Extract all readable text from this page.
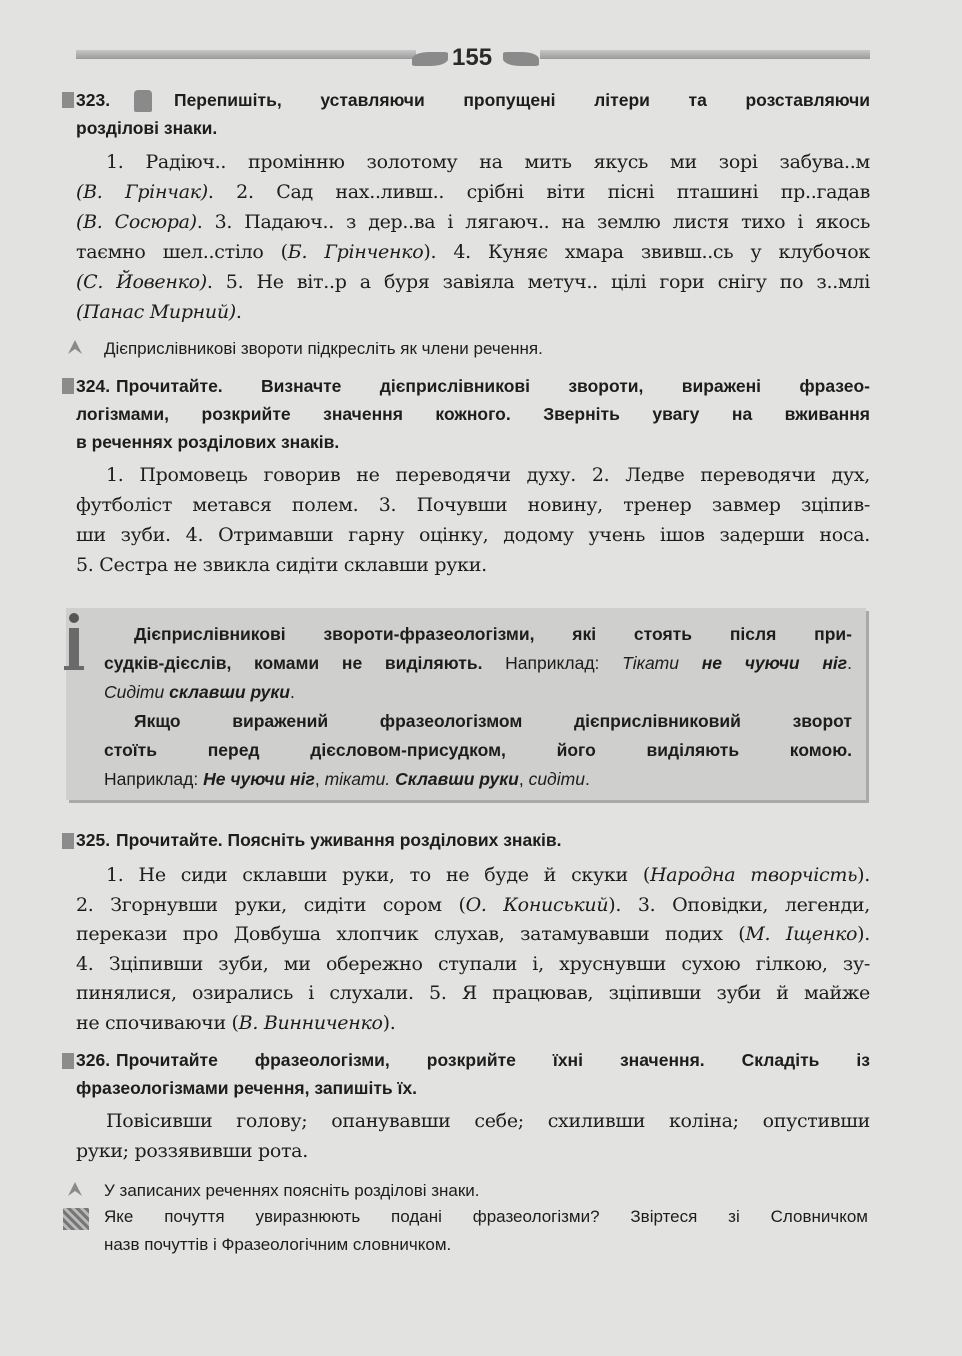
155
323.	Перепишіть, уставляючи пропущені літери та розставляючи
розділові знаки.
1. Радіюч.. промінню золотому на мить якусь ми зорі забува..м
(В. Грінчак). 2. Сад нах..ливш.. срібні віти пісні пташині пр..гадав
(В. Сосюра). 3. Падаюч.. з дер..ва і лягаюч.. на землю листя тихо і якось
таємно шел..стіло (Б. Грінченко). 4. Куняє хмара звивш..сь у клубочок
(С. Йовенко). 5. Не віт..р а буря завіяла метуч.. цілі гори снігу по з..млі
(Панас Мирний).
Дієприслівникові звороти підкресліть як члени речення.
324. Прочитайте. Визначте дієприслівникові звороти, виражені фразео-
логізмами, розкрийте значення кожного. Зверніть увагу на вживання
в реченнях розділових знаків.
1. Промовець говорив не переводячи духу. 2. Ледве переводячи дух,
футболіст метався полем. 3. Почувши новину, тренер завмер зціпив-
ши зуби. 4. Отримавши гарну оцінку, додому учень ішов задерши носа.
5. Сестра не звикла сидіти склавши руки.
Дієприслівникові звороти-фразеологізми, які стоять після при-
судків-дієслів, комами не виділяють. Наприклад: Тікати не чуючи ніг.
Сидіти склавши руки.
Якщо виражений фразеологізмом дієприслівниковий зворот
стоїть перед дієсловом-присудком, його виділяють комою.
Наприклад: Не чуючи ніг, тікати. Склавши руки, сидіти.
325. Прочитайте. Поясніть уживання розділових знаків.
1. Не сиди склавши руки, то не буде й скуки (Народна творчість).
2. Згорнувши руки, сидіти сором (О. Кониський). 3. Оповідки, легенди,
перекази про Довбуша хлопчик слухав, затамувавши подих (М. Іщенко).
4. Зціпивши зуби, ми обережно ступали і, хруснувши сухою гілкою, зу-
пинялися, озирались і слухали. 5. Я працював, зціпивши зуби й майже
не спочиваючи (В. Винниченко).
326. Прочитайте фразеологізми, розкрийте їхні значення. Складіть із
фразеологізмами речення, запишіть їх.
Повісивши голову; опанувавши себе; схиливши коліна; опустивши
руки; роззявивши рота.
У записаних реченнях поясніть розділові знаки.
Яке почуття увиразнюють подані фразеологізми? Звіртеся зі Словничком
назв почуттів і Фразеологічним словничком.
